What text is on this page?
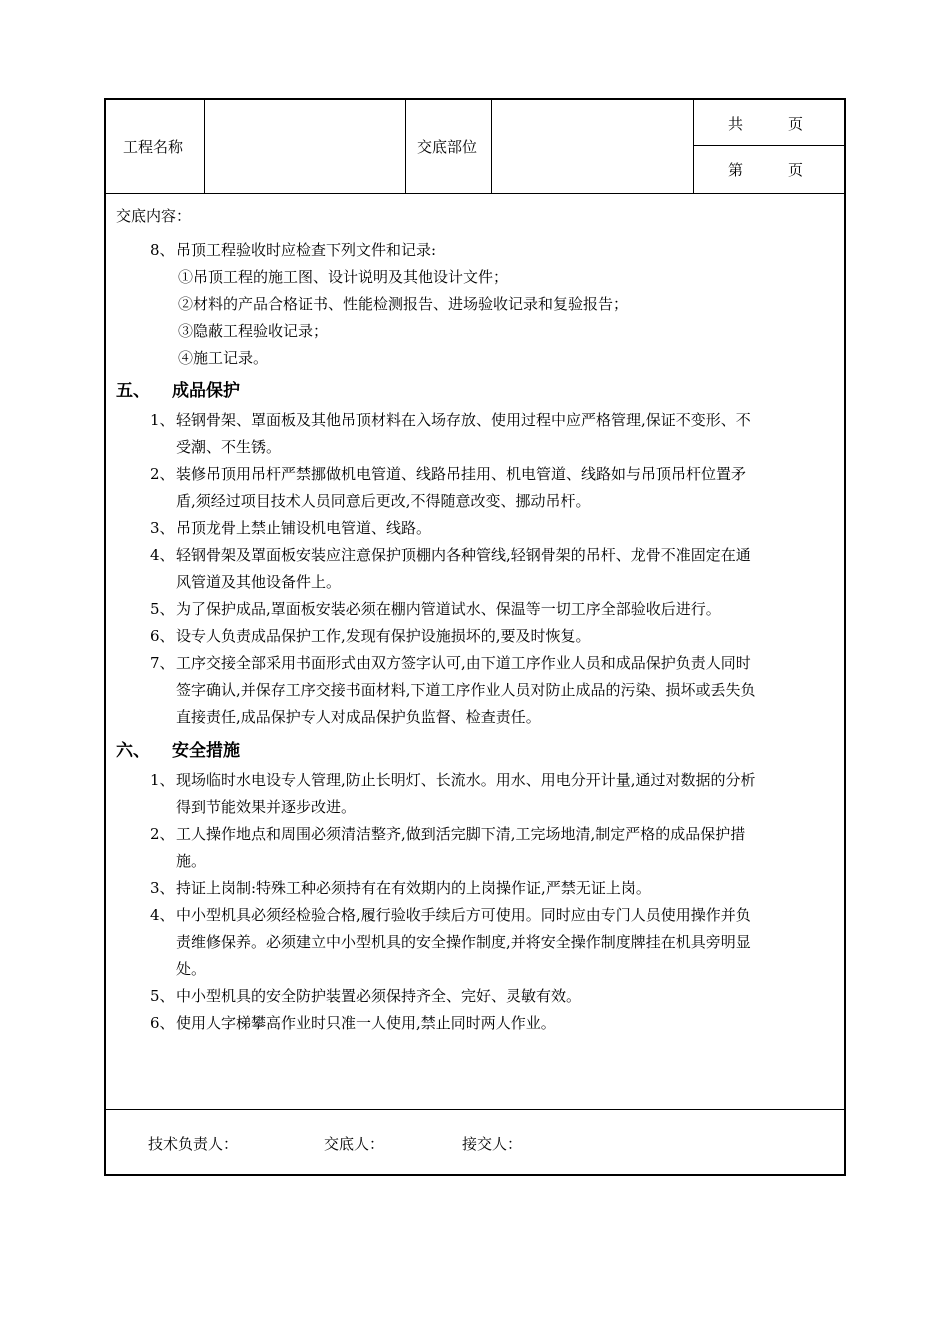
工程名称	交底部位
共　　　页
第　　　页
交底内容：
8、 吊顶工程验收时应检查下列文件和记录:
①吊顶工程的施工图、设计说明及其他设计文件；
②材料的产品合格证书、性能检测报告、进场验收记录和复验报告；
③隐蔽工程验收记录；
④施工记录。
五、 成品保护
1、 轻钢骨架、罩面板及其他吊顶材料在入场存放、使用过程中应严格管理,保证不变形、不
受潮、不生锈。
2、 装修吊顶用吊杆严禁挪做机电管道、线路吊挂用、机电管道、线路如与吊顶吊杆位置矛
盾,须经过项目技术人员同意后更改,不得随意改变、挪动吊杆。
3、 吊顶龙骨上禁止铺设机电管道、线路。
4、 轻钢骨架及罩面板安装应注意保护顶棚内各种管线,轻钢骨架的吊杆、龙骨不准固定在通
风管道及其他设备件上。
5、 为了保护成品,罩面板安装必须在棚内管道试水、保温等一切工序全部验收后进行。
6、 设专人负责成品保护工作,发现有保护设施损坏的,要及时恢复。
7、 工序交接全部采用书面形式由双方签字认可,由下道工序作业人员和成品保护负责人同时
签字确认,并保存工序交接书面材料,下道工序作业人员对防止成品的污染、损坏或丢失负
直接责任,成品保护专人对成品保护负监督、检查责任。
六、 安全措施
1、 现场临时水电设专人管理,防止长明灯、长流水。用水、用电分开计量,通过对数据的分析
得到节能效果并逐步改进。
2、 工人操作地点和周围必须清洁整齐,做到活完脚下清,工完场地清,制定严格的成品保护措
施。
3、 持证上岗制:特殊工种必须持有在有效期内的上岗操作证,严禁无证上岗。
4、 中小型机具必须经检验合格,履行验收手续后方可使用。同时应由专门人员使用操作并负
责维修保养。必须建立中小型机具的安全操作制度,并将安全操作制度牌挂在机具旁明显
处。
5、 中小型机具的安全防护装置必须保持齐全、完好、灵敏有效。
6、 使用人字梯攀高作业时只准一人使用,禁止同时两人作业。
技术负责人：	交底人：	接交人：
